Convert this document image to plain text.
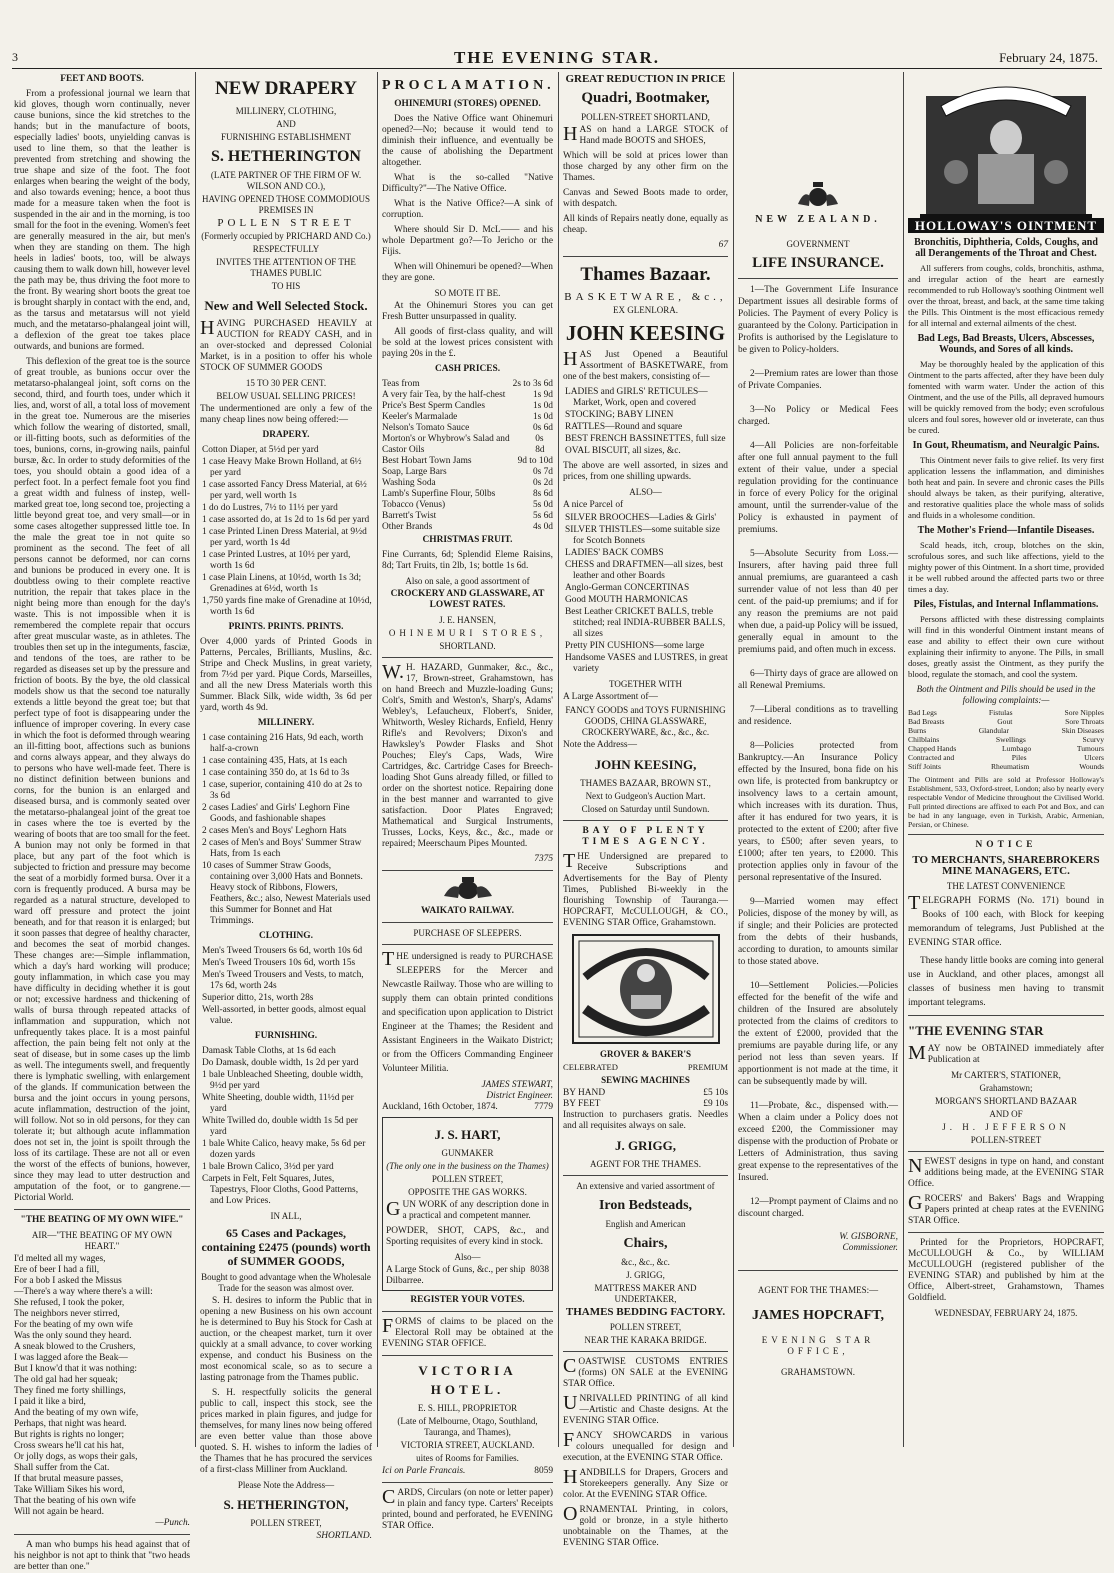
3	THE EVENING STAR.	February 24, 1875.
FEET AND BOOTS.

From a professional journal we learn that kid gloves, though worn continually, never cause bunions, since the kid stretches to the hands; but in the manufacture of boots, especially ladies' boots, unyielding canvas is used to line them, so that the leather is prevented from stretching and showing the true shape and size of the foot. The foot enlarges when bearing the weight of the body, and also towards evening; hence, a boot thus made for a measure taken when the foot is suspended in the air and in the morning, is too small for the foot in the evening. Women's feet are generally measured in the air, but men's when they are standing on them. The high heels in ladies' boots, too, will be always causing them to walk down hill, however level the path may be, thus driving the foot more to the front. By wearing short boots the great toe is brought sharply in contact with the end, and, as the tarsus and metatarsus will not yield much, and the metatarso-phalangeal joint will, a deflexion of the great toe takes place outwards, and bunions are formed.

This deflexion of the great toe is the source of great trouble, as bunions occur over the metatarso-phalangeal joint, soft corns on the second, third, and fourth toes, under which it lies, and, worst of all, a total loss of movement in the great toe. Numerous are the miseries which follow the wearing of distorted, small, or ill-fitting boots, such as deformities of the toes, bunions, corns, in-growing nails, painful bursæ, &c. In order to study deformities of the toes, you should obtain a good idea of a perfect foot. In a perfect female foot you find a great width and fulness of instep, well-marked great toe, long second toe, projecting a little beyond great toe, and very small—or in some cases altogether suppressed little toe. In the male the great toe in not quite so prominent as the second. The feet of all persons cannot be deformed, nor can corns and bunions be produced in every one. It is doubtless owing to their complete reactive nutrition, the repair that takes place in the night being more than enough for the day's waste. This is not impossible when it is remembered the complete repair that occurs after great muscular waste, as in athletes. The troubles then set up in the integuments, fasciæ, and tendons of the toes, are rather to be regarded as diseases set up by the pressure and friction of boots. By the bye, the old classical models show us that the second toe naturally extends a little beyond the great toe; but that perfect type of foot is disappearing under the influence of improper covering. In every case in which the foot is deformed through wearing an ill-fitting boot, affections such as bunions and corns always appear, and they always do to persons who have well-made feet. There is no distinct definition between bunions and corns, for the bunion is an enlarged and diseased bursa, and is commonly seated over the metatarso-phalangeal joint of the great toe in cases where the toe is everted by the wearing of boots that are too small for the feet. A bunion may not only be formed in that place, but any part of the foot which is subjected to friction and pressure may become the seat of a morbidly formed bursa. Over it a corn is frequently produced. A bursa may be regarded as a natural structure, developed to ward off pressure and protect the joint beneath, and for that reason it is enlarged; but it soon passes that degree of healthy character, and becomes the seat of morbid changes. These changes are:—Simple inflammation, which a day's hard working will produce; gouty inflammation, in which case you may have difficulty in deciding whether it is gout or not; excessive hardness and thickening of walls of bursa through repeated attacks of inflammation and suppuration, which not unfrequently takes place. It is a most painful affection, the pain being felt not only at the seat of disease, but in some cases up the limb as well. The integuments swell, and frequently there is lymphatic swelling, with enlargement of the glands. If communication between the bursa and the joint occurs in young persons, acute inflammation, destruction of the joint, will follow. Not so in old persons, for they can tolerate it; but although acute inflammation does not set in, the joint is spoilt through the loss of its cartilage. These are not all or even the worst of the effects of bunions, however, since they may lead to utter destruction and amputation of the foot, or to gangrene.—Pictorial World.

"THE BEATING OF MY OWN WIFE."
AIR—"THE BEATING OF MY OWN HEART."

I'd melted all my wages,

Ere of beer I had a fill,

For a bob I asked the Missus

—There's a way where there's a will:

She refused, I took the poker,

The neighbors never stirred,

For the beating of my own wife

Was the only sound they heard.

A sneak blowed to the Crushers,

I was lagged afore the Beak—

But I know'd that it was nothing:

The old gal had her squeak;

They fined me forty shillings,

I paid it like a bird,

And the beating of my own wife,

Perhaps, that night was heard.

But rights is rights no longer;

Cross swears he'll cat his hat,

Or jolly dogs, as wops their gals,

Shall suffer from the Cat.

If that brutal measure passes,

Take William Sikes his word,

That the beating of his own wife

Will not again be heard.

—Punch.

A man who bumps his head against that of his neighbor is not apt to think that "two heads are better than one."

NEW DRAPERY
MILLINERY, CLOTHING,
AND
FURNISHING ESTABLISHMENT
S. HETHERINGTON
(LATE PARTNER OF THE FIRM OF W. WILSON AND CO.),
HAVING OPENED THOSE COMMODIOUS PREMISES IN
POLLEN STREET
(Formerly occupied by PRICHARD AND Co.)
RESPECTFULLY
INVITES THE ATTENTION OF THE THAMES PUBLIC
TO HIS
New and Well Selected Stock.

HAVING PURCHASED HEAVILY at AUCTION for READY CASH, and in an over-stocked and depressed Colonial Market, is in a position to offer his whole STOCK OF SUMMER GOODS

15 TO 30 PER CENT.
BELOW USUAL SELLING PRICES!

The undermentioned are only a few of the many cheap lines now being offered:—

DRAPERY.
Cotton Diaper, at 5½d per yard
1 case Heavy Make Brown Holland, at 6½ per yard
1 case assorted Fancy Dress Material, at 6½ per yard, well worth 1s
1 do do Lustres, 7½ to 11½ per yard
1 case assorted do, at 1s 2d to 1s 6d per yard
1 case Printed Linen Dress Material, at 9½d per yard, worth 1s 4d
1 case Printed Lustres, at 10½ per yard, worth 1s 6d
1 case Plain Linens, at 10½d, worth 1s 3d; Grenadines at 6½d, worth 1s
1,750 yards fine make of Grenadine at 10½d, worth 1s 6d
PRINTS. PRINTS. PRINTS.

Over 4,000 yards of Printed Goods in Patterns, Percales, Brilliants, Muslins, &c. Stripe and Check Muslins, in great variety, from 7½d per yard. Pique Cords, Marseilles, and all the new Dress Materials worth this Summer. Black Silk, wide width, 3s 6d per yard, worth 4s 9d.

MILLINERY.
1 case containing 216 Hats, 9d each, worth half-a-crown
1 case containing 435, Hats, at 1s each
1 case containing 350 do, at 1s 6d to 3s
1 case, superior, containing 410 do at 2s to 3s 6d
2 cases Ladies' and Girls' Leghorn Fine Goods, and fashionable shapes
2 cases Men's and Boys' Leghorn Hats
2 cases of Men's and Boys' Summer Straw Hats, from 1s each
10 cases of Summer Straw Goods, containing over 3,000 Hats and Bonnets. Heavy stock of Ribbons, Flowers, Feathers, &c.; also, Newest Materials used this Summer for Bonnet and Hat Trimmings.
CLOTHING.
Men's Tweed Trousers 6s 6d, worth 10s 6d
Men's Tweed Trousers 10s 6d, worth 15s
Men's Tweed Trousers and Vests, to match, 17s 6d, worth 24s
Superior ditto, 21s, worth 28s
Well-assorted, in better goods, almost equal value.
FURNISHING.
Damask Table Cloths, at 1s 6d each
Do Damask, double width, 1s 2d per yard
1 bale Unbleached Sheeting, double width, 9½d per yard
White Sheeting, double width, 11½d per yard
White Twilled do, double width 1s 5d per yard
1 bale White Calico, heavy make, 5s 6d per dozen yards
1 bale Brown Calico, 3½d per yard
Carpets in Felt, Felt Squares, Jutes, Tapestrys, Floor Cloths, Good Patterns, and Low Prices.
IN ALL,
65 Cases and Packages, containing £2475 (pounds) worth of SUMMER GOODS,
Bought to good advantage when the Wholesale Trade for the season was almost over.

S. H. desires to inform the Public that in opening a new Business on his own account he is determined to Buy his Stock for Cash at auction, or the cheapest market, turn it over quickly at a small advance, to cover working expense, and conduct his Business on the most economical scale, so as to secure a lasting patronage from the Thames public.

S. H. respectfully solicits the general public to call, inspect this stock, see the prices marked in plain figures, and judge for themselves, for many lines now being offered are even better value than those above quoted. S. H. wishes to inform the ladies of the Thames that he has procured the services of a first-class Milliner from Auckland.

Please Note the Address—
S. HETHERINGTON,
POLLEN STREET,
SHORTLAND.
PROCLAMATION.
OHINEMURI (STORES) OPENED.

Does the Native Office want Ohinemuri opened?—No; because it would tend to diminish their influence, and eventually be the cause of abolishing the Department altogether.

What is the so-called "Native Difficulty?"—The Native Office.

What is the Native Office?—A sink of corruption.

Where should Sir D. McL—— and his whole Department go?—To Jericho or the Fijis.

When will Ohinemuri be opened?—When they are gone.

SO MOTE IT BE.

At the Ohinemuri Stores you can get Fresh Butter unsurpassed in quality.

All goods of first-class quality, and will be sold at the lowest prices consistent with paying 20s in the £.

CASH PRICES.
Teas from	2s to 3s 6d
A very fair Tea, by the half-chest	1s 9d
Price's Best Sperm Candles	1s 0d
Keeler's Marmalade	1s 0d
Nelson's Tomato Sauce	0s 6d
Morton's or Whybrow's Salad and Castor Oils
0s 8d
Best Hobart Town Jams	9d to 10d
Soap, Large Bars	0s 7d
Washing Soda	0s 2d
Lamb's Superfine Flour, 50lbs	8s 6d
Tobacco (Venus)	5s 0d
Barrett's Twist	5s 6d
Other Brands	4s 0d
CHRISTMAS FRUIT.

Fine Currants, 6d; Splendid Eleme Raisins, 8d; Tart Fruits, tin 2lb, 1s; bottle 1s 6d.

Also on sale, a good assortment of
CROCKERY AND GLASSWARE, AT LOWEST RATES.
J. E. HANSEN,
OHINEMURI STORES,
SHORTLAND.

W.H. HAZARD, Gunmaker, &c., &c., 17, Brown-street, Grahamstown, has on hand Breech and Muzzle-loading Guns; Colt's, Smith and Weston's, Sharp's, Adams' Webley's, Lefaucheux, Flobert's, Snider, Whitworth, Wesley Richards, Enfield, Henry Rifle's and Revolvers; Dixon's and Hawksley's Powder Flasks and Shot Pouches; Eley's Caps, Wads, Wire Cartridges, &c. Cartridge Cases for Breech-loading Shot Guns already filled, or filled to order on the shortest notice. Repairing done in the best manner and warranted to give satisfaction. Door Plates Engraved; Mathematical and Surgical Instruments, Trusses, Locks, Keys, &c., &c., made or repaired; Meerschaum Pipes Mounted.

7375
WAIKATO RAILWAY.
PURCHASE OF SLEEPERS.

THE undersigned is ready to PURCHASE SLEEPERS for the Mercer and Newcastle Railway. Those who are willing to supply them can obtain printed conditions and specification upon application to District Engineer at the Thames; the Resident and Assistant Engineers in the Waikato District; or from the Officers Commanding Engineer Volunteer Militia.

JAMES STEWART,
District Engineer.
Auckland, 16th October, 1874.	7779
J. S. HART,
GUNMAKER
(The only one in the business on the Thames)
POLLEN STREET,
OPPOSITE THE GAS WORKS.

GUN WORK of any description done in a practical and competent manner.

POWDER, SHOT, CAPS, &c., and Sporting requisites of every kind in stock.

Also—
A Large Stock of Guns, &c., per ship Dilbarree.
8038
REGISTER YOUR VOTES.

FORMS of claims to be placed on the Electoral Roll may be obtained at the EVENING STAR OFFICE.

VICTORIA HOTEL.
E. S. HILL, PROPRIETOR
(Late of Melbourne, Otago, Southland, Tauranga, and Thames),
VICTORIA STREET, AUCKLAND.
uites of Rooms for Families.
Ici on Parle Francais.	8059

CARDS, Circulars (on note or letter paper) in plain and fancy type. Carters' Receipts printed, bound and perforated, he EVENING STAR Office.

GREAT REDUCTION IN PRICE
Quadri, Bootmaker,
POLLEN-STREET SHORTLAND,

HAS on hand a LARGE STOCK of Hand made BOOTS and SHOES,

Which will be sold at prices lower than those charged by any other firm on the Thames.

Canvas and Sewed Boots made to order, with despatch.

All kinds of Repairs neatly done, equally as cheap.

67
Thames Bazaar.
BASKETWARE, &c.,
EX GLENLORA.
JOHN KEESING

HAS Just Opened a Beautiful Assortment of BASKETWARE, from one of the best makers, consisting of—

LADIES and GIRLS' RETICULES—Market, Work, open and covered
STOCKING; BABY LINEN
RATTLES—Round and square
BEST FRENCH BASSINETTES, full size
OVAL BISCUIT, all sizes, &c.

The above are well assorted, in sizes and prices, from one shilling upwards.

ALSO—
A nice Parcel of
SILVER BROOCHES—Ladies & Girls'
SILVER THISTLES—some suitable size for Scotch Bonnets
LADIES' BACK COMBS
CHESS and DRAFTMEN—all sizes, best leather and other Boards
Anglo-German CONCERTINAS
Good MOUTH HARMONICAS
Best Leather CRICKET BALLS, treble stitched; real INDIA-RUBBER BALLS, all sizes
Pretty PIN CUSHIONS—some large
Handsome VASES and LUSTRES, in great variety
TOGETHER WITH
A Large Assortment of—
FANCY GOODS and TOYS FURNISHING GOODS, CHINA GLASSWARE, CROCKERYWARE, &c., &c., &c.
Note the Address—
JOHN KEESING,
THAMES BAZAAR, BROWN ST.,
Next to Gudgeon's Auction Mart.
Closed on Saturday until Sundown.
BAY OF PLENTY TIMES AGENCY.

THE Undersigned are prepared to Receive Subscriptions and Advertisements for the Bay of Plenty Times, Published Bi-weekly in the flourishing Township of Tauranga.—HOPCRAFT, McCULLOUGH, & CO., EVENING STAR Office, Grahamstown.

GROVER & BAKER'S
CELEBRATED	PREMIUM
SEWING MACHINES
BY HAND	£5 10s
BY FEET	£9 10s

Instruction to purchasers gratis. Needles and all requisites always on sale.

J. GRIGG,
AGENT FOR THE THAMES.
An extensive and varied assortment of
Iron Bedsteads,
English and American
Chairs,
&c., &c., &c.
J. GRIGG,
MATTRESS MAKER AND UNDERTAKER,
THAMES BEDDING FACTORY.
POLLEN STREET,
NEAR THE KARAKA BRIDGE.

COASTWISE CUSTOMS ENTRIES (forms) ON SALE at the EVENING STAR Office.

UNRIVALLED PRINTING of all kind—Artistic and Chaste designs. At the EVENING STAR Office.

FANCY SHOWCARDS in various colours unequalled for design and execution, at the EVENING STAR Office.

HANDBILLS for Drapers, Grocers and Storekeepers generally. Any Size or color. At the EVENING STAR Office.

ORNAMENTAL Printing, in colors, gold or bronze, in a style hitherto unobtainable on the Thames, at the EVENING STAR Office.

NEW ZEALAND.
GOVERNMENT
LIFE INSURANCE.

1—The Government Life Insurance Department issues all desirable forms of Policies. The Payment of every Policy is guaranteed by the Colony. Participation in Profits is authorised by the Legislature to be given to Policy-holders.

2—Premium rates are lower than those of Private Companies.

3—No Policy or Medical Fees charged.

4—All Policies are non-forfeitable after one full annual payment to the full extent of their value, under a special regulation providing for the continuance in force of every Policy for the original amount, until the surrender-value of the Policy is exhausted in payment of premiums.

5—Absolute Security from Loss.—Insurers, after having paid three full annual premiums, are guaranteed a cash surrender value of not less than 40 per cent. of the paid-up premiums; and if for any reason the premiums are not paid when due, a paid-up Policy will be issued, generally equal in amount to the premiums paid, and often much in excess.

6—Thirty days of grace are allowed on all Renewal Premiums.

7—Liberal conditions as to travelling and residence.

8—Policies protected from Bankruptcy.—An Insurance Policy effected by the Insured, bona fide on his own life, is protected from bankruptcy or insolvency laws to a certain amount, which increases with its duration. Thus, after it has endured for two years, it is protected to the extent of £200; after five years, to £500; after seven years, to £1000; after ten years, to £2000. This protection applies only in favour of the personal representative of the Insured.

9—Married women may effect Policies, dispose of the money by will, as if single; and their Policies are protected from the debts of their husbands, according to duration, to amounts similar to those stated above.

10—Settlement Policies.—Policies effected for the benefit of the wife and children of the Insured are absolutely protected from the claims of creditors to the extent of £2000, provided that the premiums are payable during life, or any period not less than seven years. If apportionment is not made at the time, it can be subsequently made by will.

11—Probate, &c., dispensed with.—When a claim under a Policy does not exceed £200, the Commissioner may dispense with the production of Probate or Letters of Administration, thus saving great expense to the representatives of the Insured.

12—Prompt payment of Claims and no discount charged.

W. GISBORNE,
Commissioner.
AGENT FOR THE THAMES:—
JAMES HOPCRAFT,
EVENING STAR OFFICE,
GRAHAMSTOWN.
HOLLOWAY'S OINTMENT
Bronchitis, Diphtheria, Colds, Coughs, and all Derangements of the Throat and Chest.

All sufferers from coughs, colds, bronchitis, asthma, and irregular action of the heart are earnestly recommended to rub Holloway's soothing Ointment well over the throat, breast, and back, at the same time taking the Pills. This Ointment is the most efficacious remedy for all internal and external ailments of the chest.

Bad Legs, Bad Breasts, Ulcers, Abscesses, Wounds, and Sores of all kinds.

May be thoroughly healed by the application of this Ointment to the parts affected, after they have been duly fomented with warm water. Under the action of this Ointment, and the use of the Pills, all depraved humours will be quickly removed from the body; even scrofulous ulcers and foul sores, however old or inveterate, can thus be cured.

In Gout, Rheumatism, and Neuralgic Pains.

This Ointment never fails to give relief. Its very first application lessens the inflammation, and diminishes both heat and pain. In severe and chronic cases the Pills should always be taken, as their purifying, alterative, and restorative qualities place the whole mass of solids and fluids in a wholesome condition.

The Mother's Friend—Infantile Diseases.

Scald heads, itch, croup, blotches on the skin, scrofulous sores, and such like affections, yield to the mighty power of this Ointment. In a short time, provided it be well rubbed around the affected parts two or three times a day.

Piles, Fistulas, and Internal Inflammations.

Persons afflicted with these distressing complaints will find in this wonderful Ointment instant means of ease and ability to effect their own cure without explaining their infirmity to anyone. The Pills, in small doses, greatly assist the Ointment, as they purify the blood, regulate the stomach, and cool the system.

Both the Ointment and Pills should be used in the following complaints:—
Bad Legs	Fistulas	Sore Nipples
Bad Breasts	Gout	Sore Throats
Burns	Glandular	Skin Diseases
Chilblains	Swellings	Scurvy
Chapped Hands	Lumbago	Tumours
Contracted and	Piles	Ulcers
Stiff Joints	Rheumatism	Wounds

The Ointment and Pills are sold at Professor Holloway's Establishment, 533, Oxford-street, London; also by nearly every respectable Vendor of Medicine throughout the Civilised World. Full printed directions are affixed to each Pot and Box, and can be had in any language, even in Turkish, Arabic, Armenian, Persian, or Chinese.

NOTICE
TO MERCHANTS, SHAREBROKERS MINE MANAGERS, ETC.
THE LATEST CONVENIENCE

TELEGRAPH FORMS (No. 171) bound in Books of 100 each, with Block for keeping memorandum of telegrams, Just Published at the EVENING STAR office.

These handy little books are coming into general use in Auckland, and other places, amongst all classes of business men having to transmit important telegrams.

"THE EVENING STAR

MAY now be OBTAINED immediately after Publication at

Mr CARTER'S, STATIONER,
Grahamstown;
MORGAN'S SHORTLAND BAZAAR
AND OF
J. H. JEFFERSON
POLLEN-STREET

NEWEST designs in type on hand, and constant additions being made, at the EVENING STAR Office.

GROCERS' and Bakers' Bags and Wrapping Papers printed at cheap rates at the EVENING STAR Office.

Printed for the Proprietors, HOPCRAFT, McCULLOUGH & Co., by WILLIAM McCULLOUGH (registered publisher of the EVENING STAR) and published by him at the Office, Albert-street, Grahamstown, Thames Goldfield.

WEDNESDAY, FEBRUARY 24, 1875.
